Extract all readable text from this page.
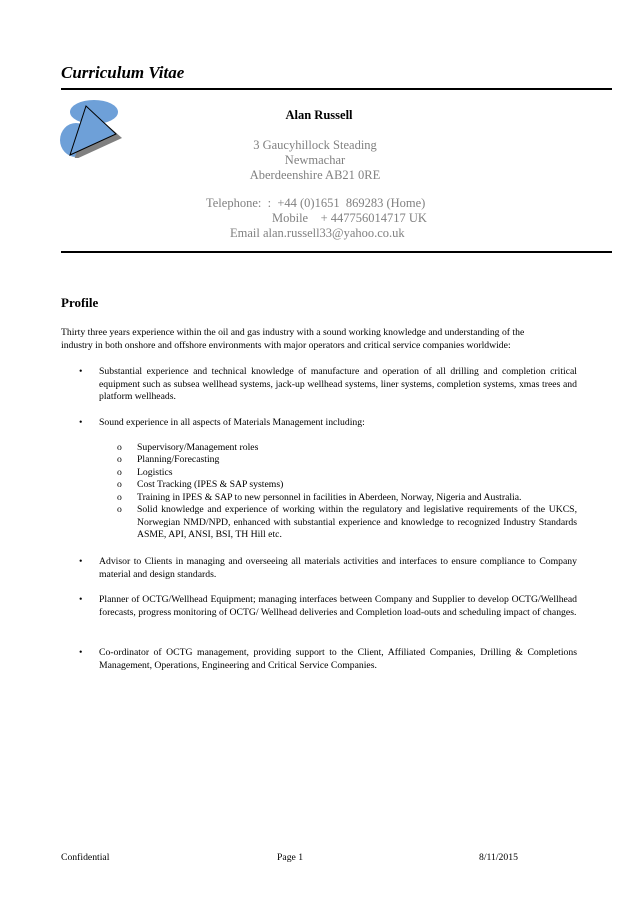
Curriculum Vitae
Alan Russell
3 Gaucyhillock Steading
Newmachar
Aberdeenshire AB21 0RE
Telephone:  :  +44 (0)1651  869283 (Home)
Mobile    + 447756014717 UK
Email alan.russell33@yahoo.co.uk
Profile
Thirty three years experience within the oil and gas industry with a sound working knowledge and understanding of the
industry in both onshore and offshore environments with major operators and critical service companies worldwide:
• Substantial experience and technical knowledge of manufacture and operation of all drilling and completion critical equipment such as subsea wellhead systems, jack-up wellhead systems, liner systems, completion systems, xmas trees and platform wellheads.
• Sound experience in all aspects of Materials Management including:
o Supervisory/Management roles
o Planning/Forecasting
o Logistics
o Cost Tracking (IPES & SAP systems)
o Training in IPES & SAP to new personnel in facilities in Aberdeen, Norway, Nigeria and Australia.
o Solid knowledge and experience of working within the regulatory and legislative requirements of the UKCS, Norwegian NMD/NPD, enhanced with substantial experience and knowledge to recognized Industry Standards ASME, API, ANSI, BSI, TH Hill etc.
• Advisor to Clients in managing and overseeing all materials activities and interfaces to ensure compliance to Company material and design standards.
• Planner of OCTG/Wellhead Equipment; managing interfaces between Company and Supplier to develop OCTG/Wellhead forecasts, progress monitoring of OCTG/ Wellhead deliveries and Completion load-outs and scheduling impact of changes.
• Co-ordinator of OCTG management, providing support to the Client, Affiliated Companies, Drilling & Completions Management, Operations, Engineering and Critical Service Companies.
Confidential	Page 1	8/11/2015
